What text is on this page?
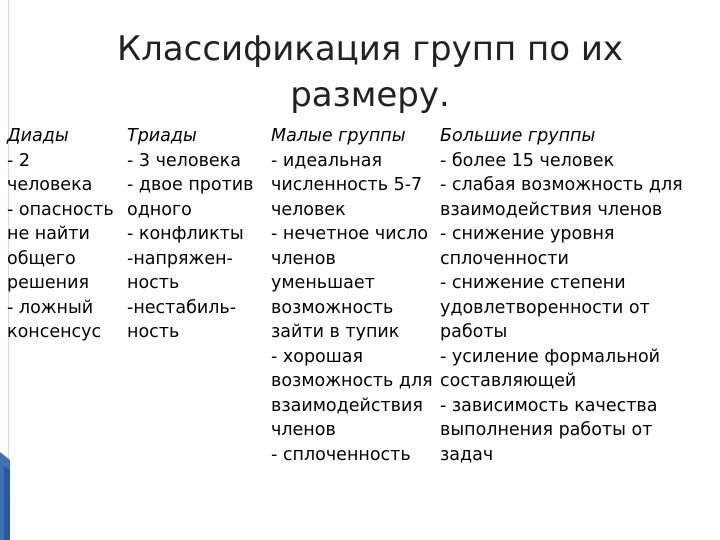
Классификация групп по их
размеру.
Диады
- 2
человека
- опасность
не найти
общего
решения
- ложный
консенсус
Триады
- 3 человека
- двое против
одного
- конфликты
-напряжен-
ность
-нестабиль-
ность
Малые группы
- идеальная
численность 5-7
человек
- нечетное число
членов
уменьшает
возможность
зайти в тупик
- хорошая
возможность для
взаимодействия
членов
- сплоченность
Большие группы
- более 15 человек
- слабая возможность для
взаимодействия членов
- снижение уровня
сплоченности
- снижение степени
удовлетворенности от
работы
- усиление формальной
составляющей
- зависимость качества
выполнения работы от
задач
